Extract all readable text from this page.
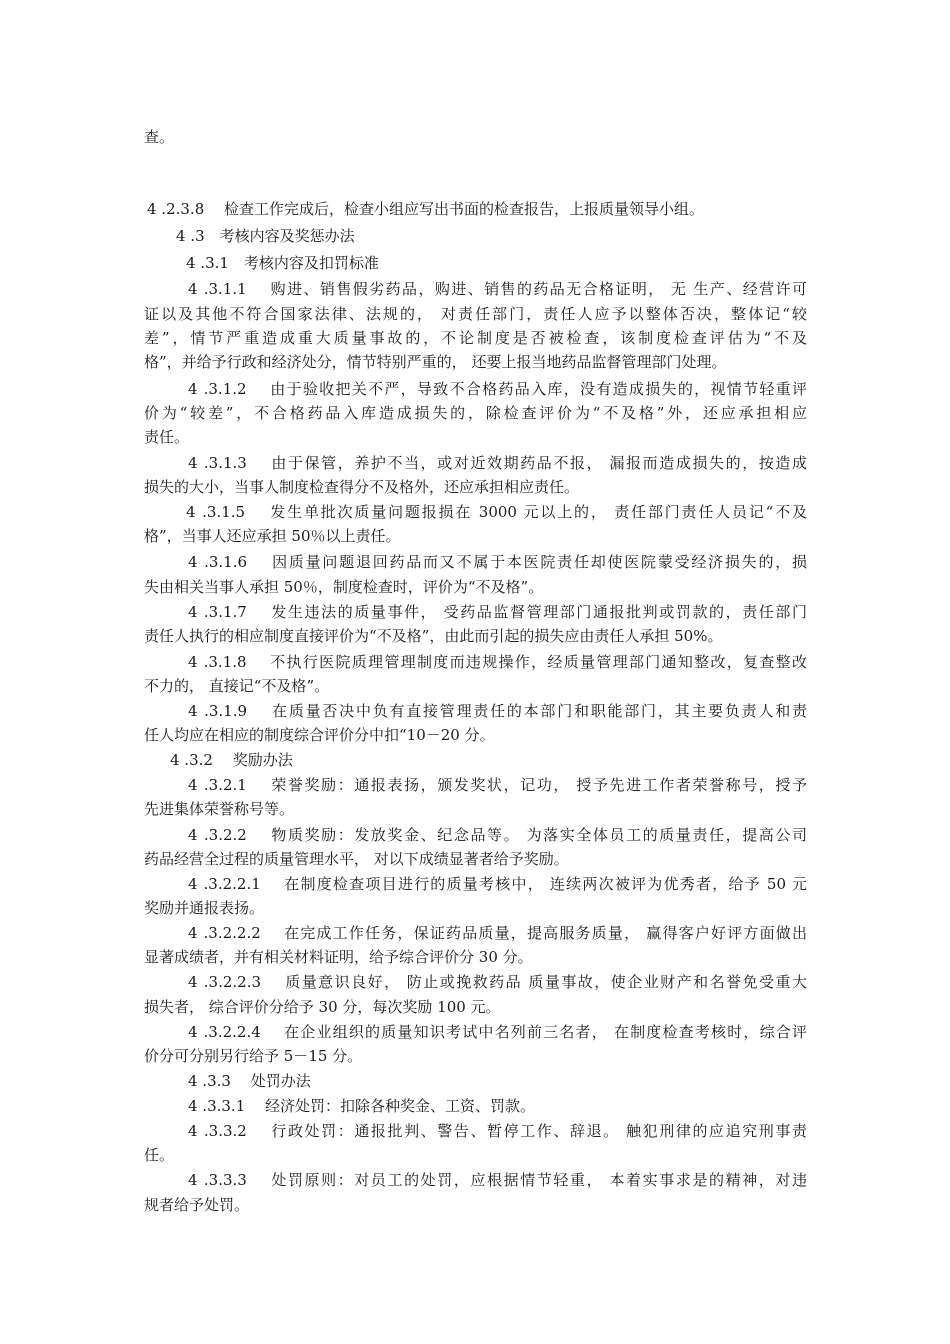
查。
4 .2.3.8　 检查工作完成后，检查小组应写出书面的检查报告，上报质量领导小组。
4 .3　考核内容及奖惩办法
4 .3.1　考核内容及扣罚标准
4 .3.1.1　 购进、销售假劣药品，购进、销售的药品无合格证明， 无 生产、经营许可
证以及其他不符合国家法律、法规的， 对责任部门，责任人应予以整体否决，整体记“较
差”，情节严重造成重大质量事故的，不论制度是否被检查，该制度检查评估为“不及
格”，并给予行政和经济处分，情节特别严重的， 还要上报当地药品监督管理部门处理。
4 .3.1.2　 由于验收把关不严，导致不合格药品入库，没有造成损失的，视情节轻重评
价为“较差”，不合格药品入库造成损失的，除检查评价为“不及格”外，还应承担相应
责任。
4 .3.1.3　 由于保管，养护不当，或对近效期药品不报， 漏报而造成损失的，按造成
损失的大小，当事人制度检查得分不及格外，还应承担相应责任。
4 .3.1.5　 发生单批次质量问题报损在 3000 元以上的， 责任部门责任人员记“不及
格”，当事人还应承担 50％以上责任。
4 .3.1.6　 因质量问题退回药品而又不属于本医院责任却使医院蒙受经济损失的，损
失由相关当事人承担 50％，制度检查时，评价为“不及格”。
4 .3.1.7　 发生违法的质量事件， 受药品监督管理部门通报批判或罚款的，责任部门
责任人执行的相应制度直接评价为“不及格”，由此而引起的损失应由责任人承担 50%。
4 .3.1.8　 不执行医院质理管理制度而违规操作，经质量管理部门通知整改，复查整改
不力的， 直接记“不及格”。
4 .3.1.9　 在质量否决中负有直接管理责任的本部门和职能部门，其主要负责人和责
任人均应在相应的制度综合评价分中扣“10－20 分。
4 .3.2　 奖励办法
4 .3.2.1　 荣誉奖励：通报表扬，颁发奖状，记功， 授予先进工作者荣誉称号，授予
先进集体荣誉称号等。
4 .3.2.2　 物质奖励：发放奖金、纪念品等。 为落实全体员工的质量责任，提高公司
药品经营全过程的质量管理水平， 对以下成绩显著者给予奖励。
4 .3.2.2.1　 在制度检查项目进行的质量考核中， 连续两次被评为优秀者，给予 50 元
奖励并通报表扬。
4 .3.2.2.2　 在完成工作任务，保证药品质量，提高服务质量， 赢得客户好评方面做出
显著成绩者，并有相关材料证明，给予综合评价分 30 分。
4 .3.2.2.3　 质量意识良好， 防止或挽救药品 质量事故，使企业财产和名誉免受重大
损失者， 综合评价分给予 30 分，每次奖励 100 元。
4 .3.2.2.4　 在企业组织的质量知识考试中名列前三名者， 在制度检查考核时，综合评
价分可分别另行给予 5－15 分。
4 .3.3　 处罚办法
4 .3.3.1　 经济处罚：扣除各种奖金、工资、罚款。
4 .3.3.2　 行政处罚：通报批判、警告、暂停工作、辞退。 触犯刑律的应追究刑事责
任。
4 .3.3.3　 处罚原则：对员工的处罚，应根据情节轻重， 本着实事求是的精神，对违
规者给予处罚。
